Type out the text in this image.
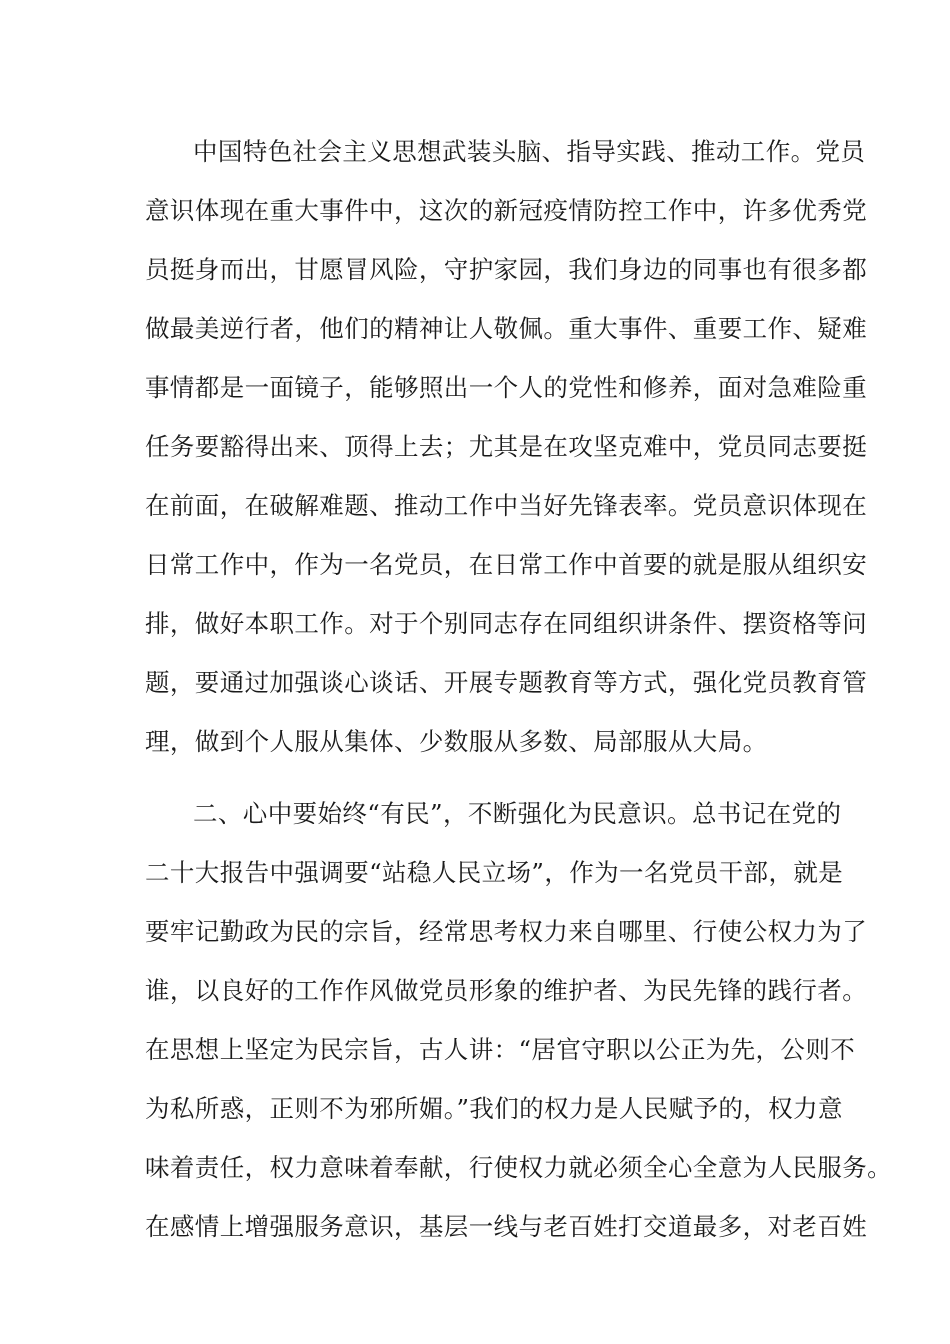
中国特色社会主义思想武装头脑、指导实践、推动工作。党员
意识体现在重大事件中，这次的新冠疫情防控工作中，许多优秀党
员挺身而出，甘愿冒风险，守护家园，我们身边的同事也有很多都
做最美逆行者，他们的精神让人敬佩。重大事件、重要工作、疑难
事情都是一面镜子，能够照出一个人的党性和修养，面对急难险重
任务要豁得出来、顶得上去；尤其是在攻坚克难中，党员同志要挺
在前面，在破解难题、推动工作中当好先锋表率。党员意识体现在
日常工作中，作为一名党员，在日常工作中首要的就是服从组织安
排，做好本职工作。对于个别同志存在同组织讲条件、摆资格等问
题，要通过加强谈心谈话、开展专题教育等方式，强化党员教育管
理，做到个人服从集体、少数服从多数、局部服从大局。
二、心中要始终“有民”，不断强化为民意识。总书记在党的
二十大报告中强调要“站稳人民立场”，作为一名党员干部，就是
要牢记勤政为民的宗旨，经常思考权力来自哪里、行使公权力为了
谁，以良好的工作作风做党员形象的维护者、为民先锋的践行者。
在思想上坚定为民宗旨，古人讲：“居官守职以公正为先，公则不
为私所惑，正则不为邪所媚。”我们的权力是人民赋予的，权力意
味着责任，权力意味着奉献，行使权力就必须全心全意为人民服务。
在感情上增强服务意识，基层一线与老百姓打交道最多，对老百姓
